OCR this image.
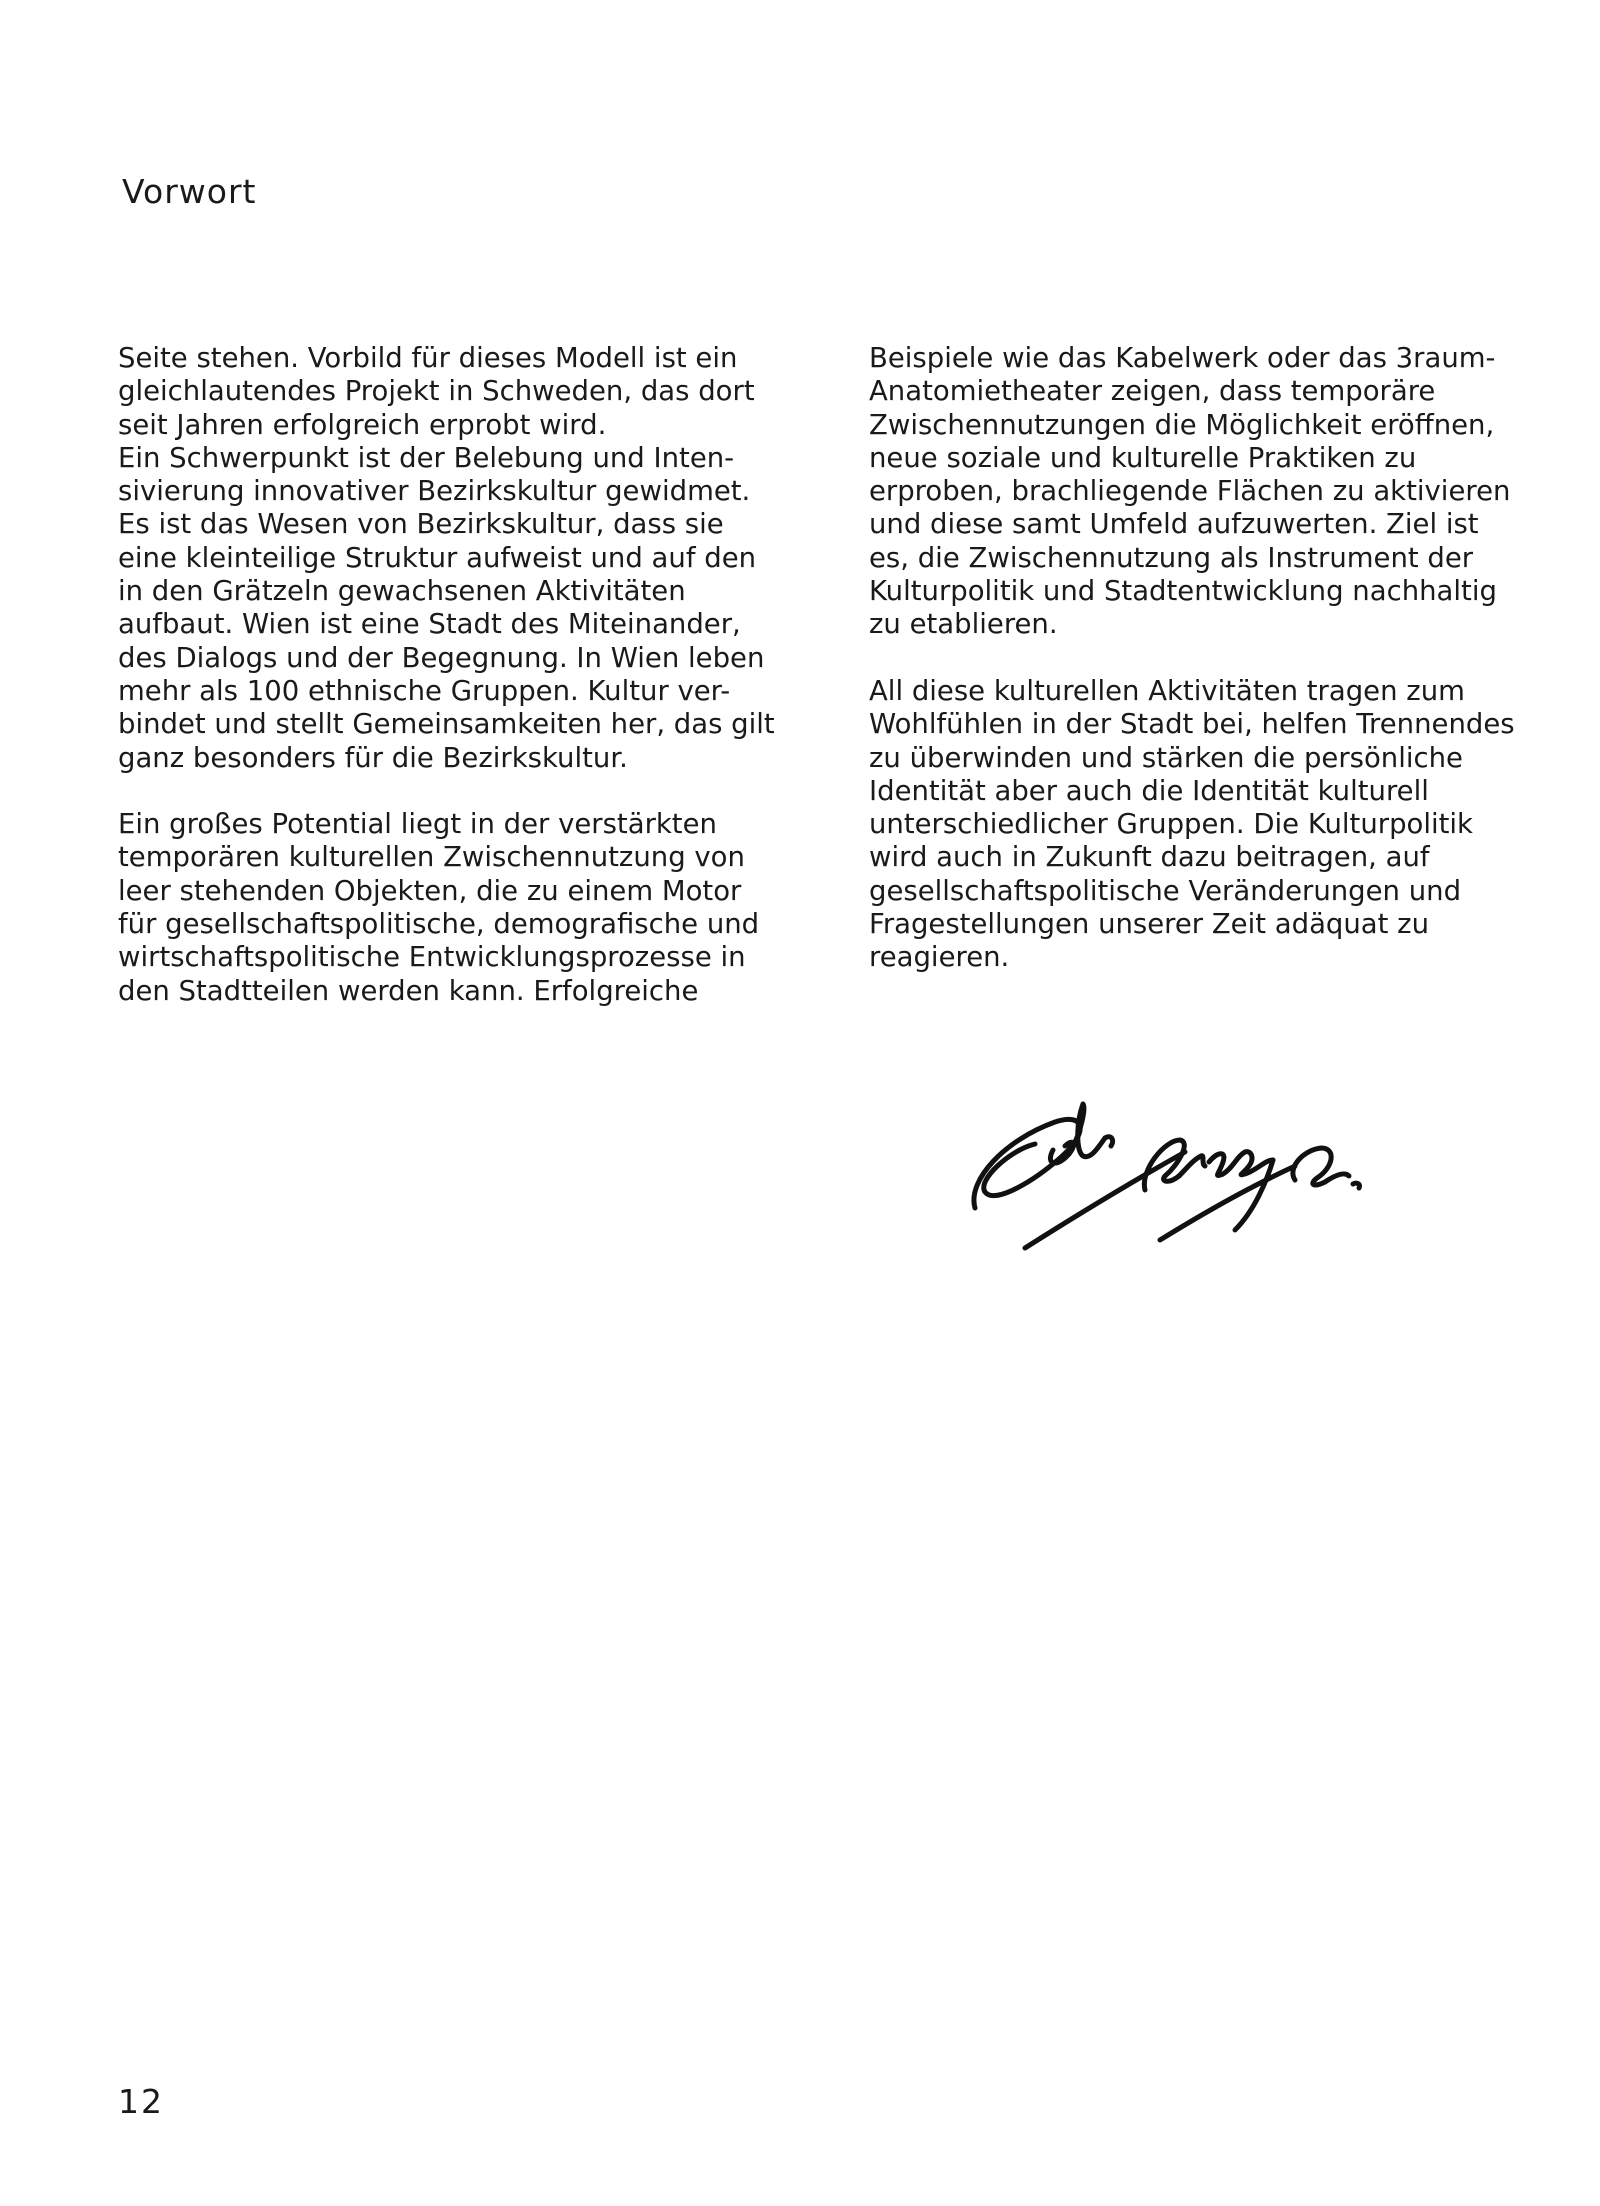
Vorwort
Seite stehen. Vorbild für dieses Modell ist ein
gleichlautendes Projekt in Schweden, das dort
seit Jahren erfolgreich erprobt wird.
Ein Schwerpunkt ist der Belebung und Inten-
sivierung innovativer Bezirkskultur gewidmet.
Es ist das Wesen von Bezirkskultur, dass sie
eine kleinteilige Struktur aufweist und auf den
in den Grätzeln gewachsenen Aktivitäten
aufbaut. Wien ist eine Stadt des Miteinander,
des Dialogs und der Begegnung. In Wien leben
mehr als 100 ethnische Gruppen. Kultur ver-
bindet und stellt Gemeinsamkeiten her, das gilt
ganz besonders für die Bezirkskultur.
Ein großes Potential liegt in der verstärkten
temporären kulturellen Zwischennutzung von
leer stehenden Objekten, die zu einem Motor
für gesellschaftspolitische, demografische und
wirtschaftspolitische Entwicklungsprozesse in
den Stadtteilen werden kann. Erfolgreiche
Beispiele wie das Kabelwerk oder das 3raum-
Anatomietheater zeigen, dass temporäre
Zwischennutzungen die Möglichkeit eröffnen,
neue soziale und kulturelle Praktiken zu
erproben, brachliegende Flächen zu aktivieren
und diese samt Umfeld aufzuwerten. Ziel ist
es, die Zwischennutzung als Instrument der
Kulturpolitik und Stadtentwicklung nachhaltig
zu etablieren.
All diese kulturellen Aktivitäten tragen zum
Wohlfühlen in der Stadt bei, helfen Trennendes
zu überwinden und stärken die persönliche
Identität aber auch die Identität kulturell
unterschiedlicher Gruppen. Die Kulturpolitik
wird auch in Zukunft dazu beitragen, auf
gesellschaftspolitische Veränderungen und
Fragestellungen unserer Zeit adäquat zu
reagieren.
12
